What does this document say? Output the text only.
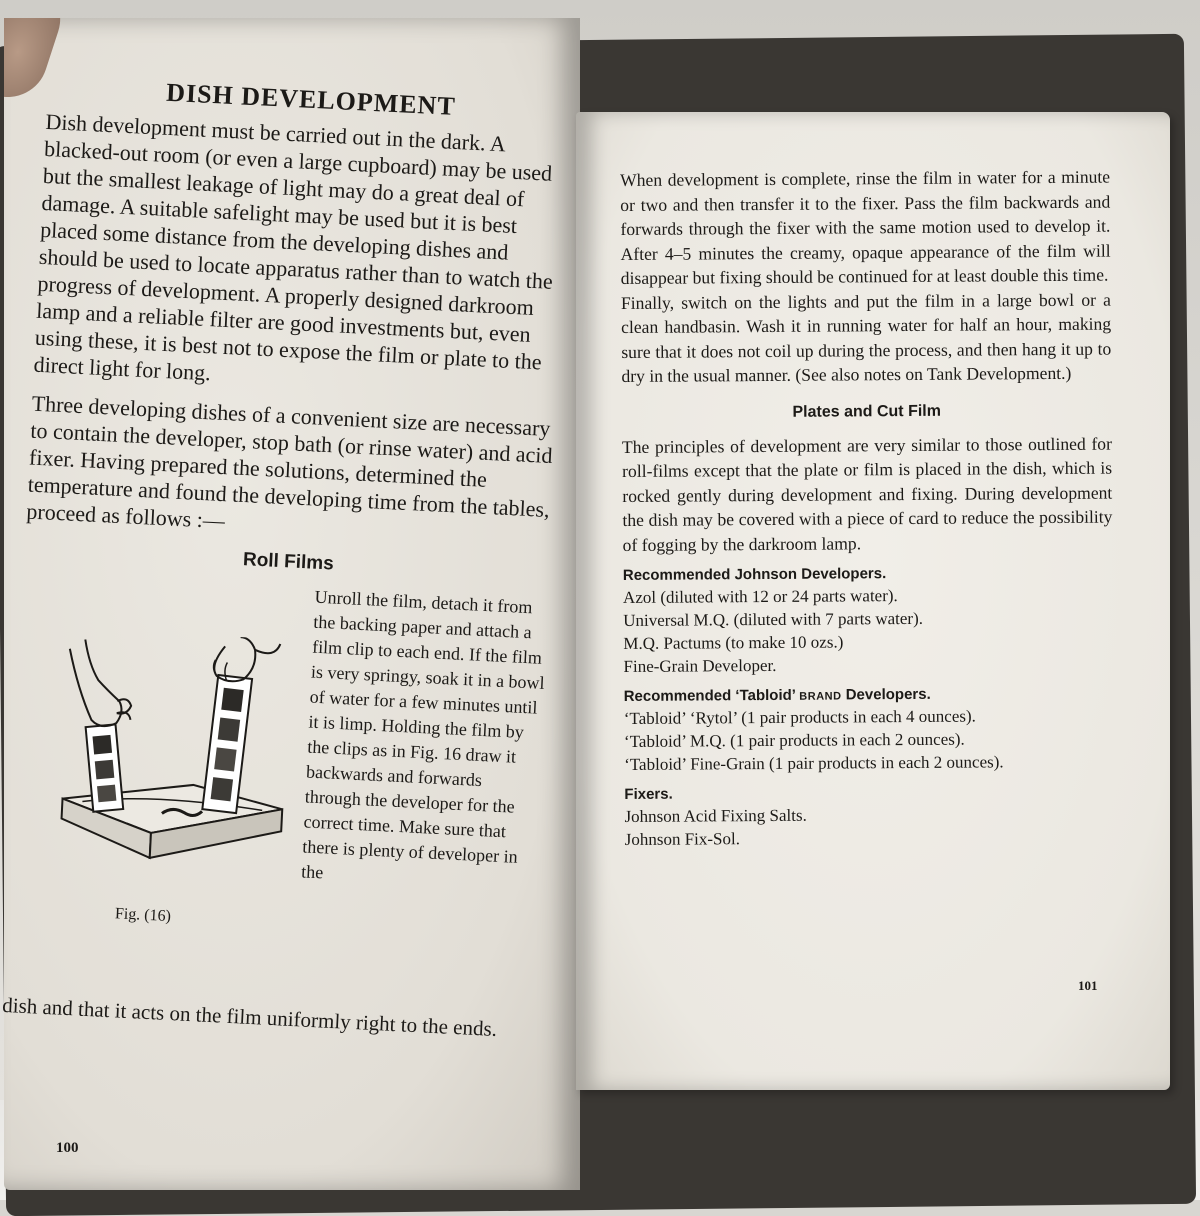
DISH DEVELOPMENT

Dish development must be carried out in the dark. A blacked-out room (or even a large cupboard) may be used but the smallest leakage of light may do a great deal of damage. A suitable safelight may be used but it is best placed some distance from the developing dishes and should be used to locate apparatus rather than to watch the progress of development. A properly designed darkroom lamp and a reliable filter are good investments but, even using these, it is best not to expose the film or plate to the direct light for long.

Three developing dishes of a convenient size are necessary to contain the developer, stop bath (or rinse water) and acid fixer. Having prepared the solutions, determined the temperature and found the developing time from the tables, proceed as follows :—

Roll Films
Fig. (16)

Unroll the film, detach it from the backing paper and attach a film clip to each end. If the film is very springy, soak it in a bowl of water for a few minutes until it is limp. Holding the film by the clips as in Fig. 16 draw it backwards and forwards through the developer for the correct time. Make sure that there is plenty of developer in the

dish and that it acts on the film uniformly right to the ends.

100

When development is complete, rinse the film in water for a minute or two and then transfer it to the fixer. Pass the film backwards and forwards through the fixer with the same motion used to develop it. After 4–5 minutes the creamy, opaque appearance of the film will disappear but fixing should be continued for at least double this time.

Finally, switch on the lights and put the film in a large bowl or a clean handbasin. Wash it in running water for half an hour, making sure that it does not coil up during the process, and then hang it up to dry in the usual manner. (See also notes on Tank Development.)

Plates and Cut Film

The principles of development are very similar to those outlined for roll-films except that the plate or film is placed in the dish, which is rocked gently during development and fixing. During development the dish may be covered with a piece of card to reduce the possibility of fogging by the darkroom lamp.

Recommended Johnson Developers.
Azol (diluted with 12 or 24 parts water).
Universal M.Q. (diluted with 7 parts water).
M.Q. Pactums (to make 10 ozs.)
Fine-Grain Developer.
Recommended ‘Tabloid’ BRAND Developers.
‘Tabloid’ ‘Rytol’ (1 pair products in each 4 ounces).
‘Tabloid’ M.Q. (1 pair products in each 2 ounces).
‘Tabloid’ Fine-Grain (1 pair products in each 2 ounces).
Fixers.
Johnson Acid Fixing Salts.
Johnson Fix-Sol.
101
